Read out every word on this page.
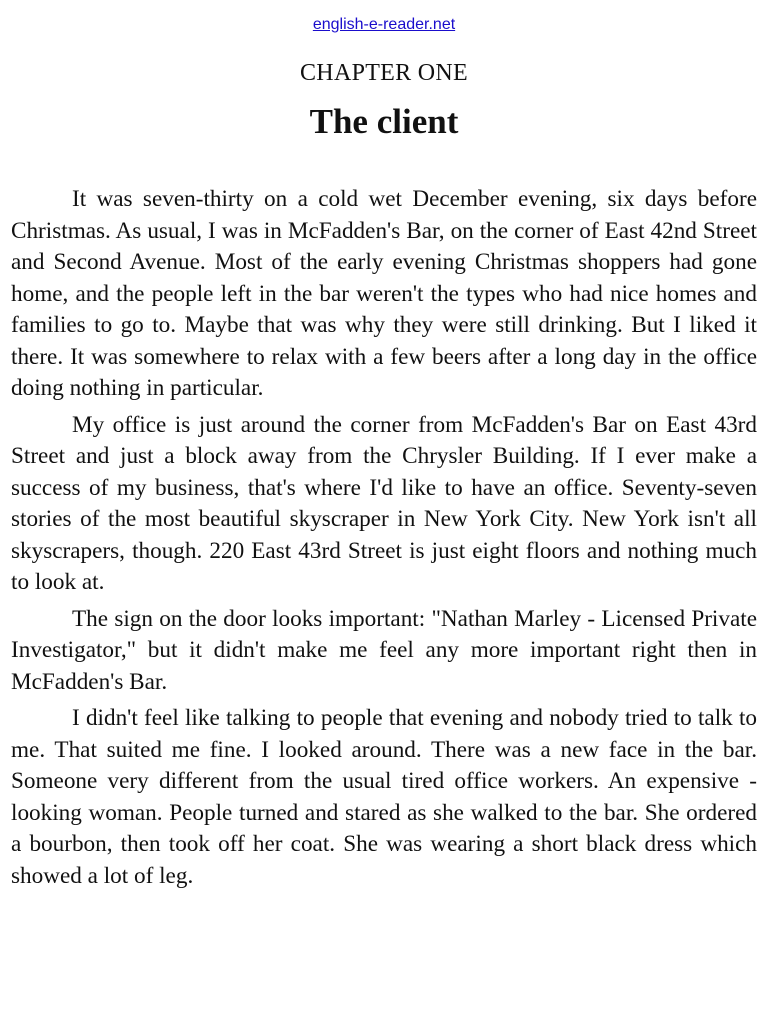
english-e-reader.net
CHAPTER ONE
The client

It was seven-thirty on a cold wet December evening, six days before Christmas. As usual, I was in McFadden's Bar, on the corner of East 42nd Street and Second Avenue. Most of the early evening Christmas shoppers had gone home, and the people left in the bar weren't the types who had nice homes and families to go to. Maybe that was why they were still drinking. But I liked it there. It was somewhere to relax with a few beers after a long day in the office doing nothing in particular.

My office is just around the corner from McFadden's Bar on East 43rd Street and just a block away from the Chrysler Building. If I ever make a success of my business, that's where I'd like to have an office. Seventy-seven stories of the most beautiful skyscraper in New York City. New York isn't all skyscrapers, though. 220 East 43rd Street is just eight floors and nothing much to look at.

The sign on the door looks important: "Nathan Marley - Licensed Private Investigator," but it didn't make me feel any more important right then in McFadden's Bar.

I didn't feel like talking to people that evening and nobody tried to talk to me. That suited me fine. I looked around. There was a new face in the bar. Someone very different from the usual tired office workers. An expensive - looking woman. People turned and stared as she walked to the bar. She ordered a bourbon, then took off her coat. She was wearing a short black dress which showed a lot of leg.
